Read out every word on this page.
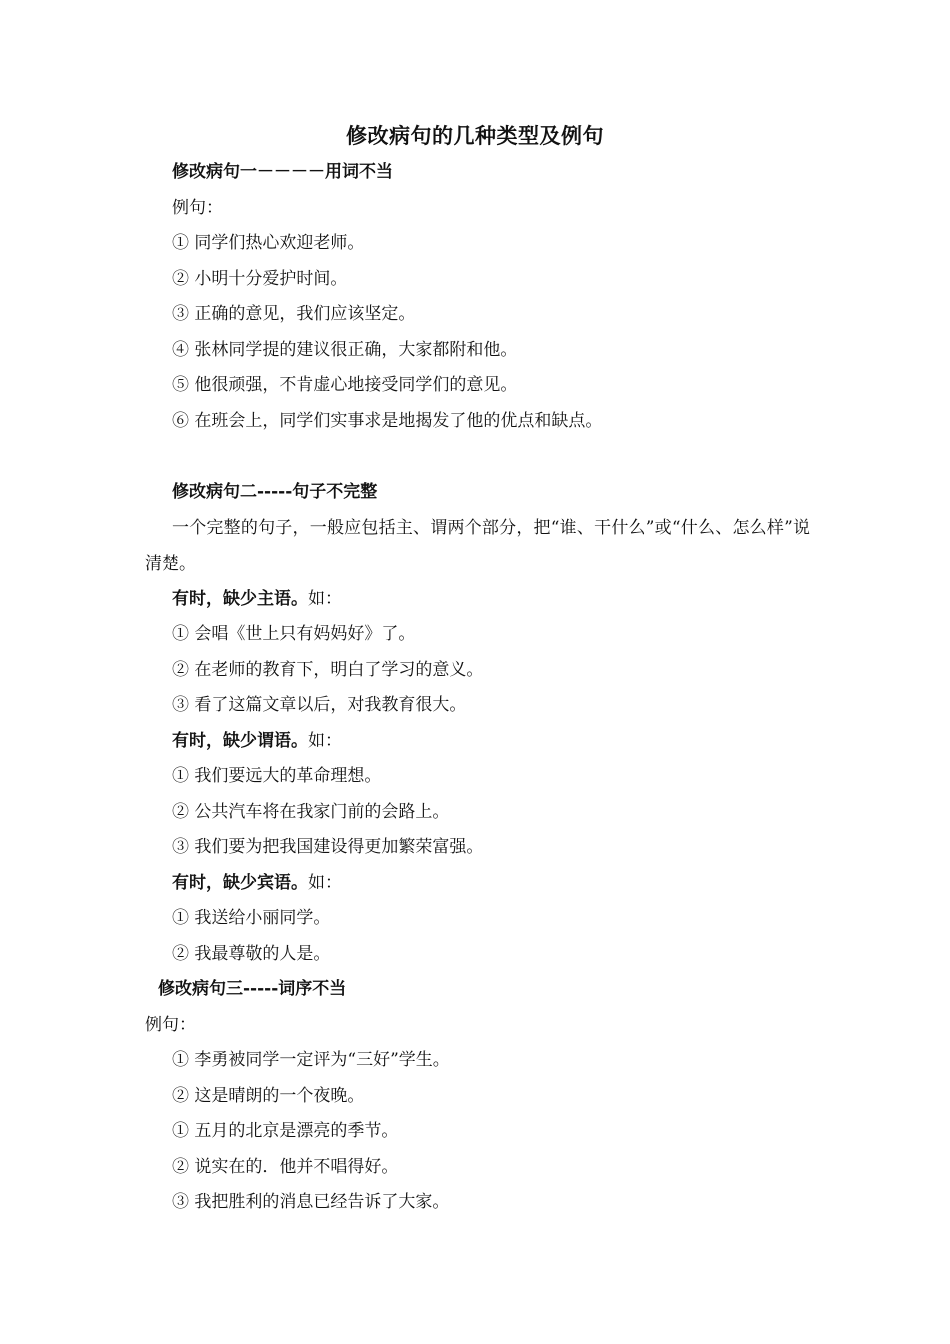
修改病句的几种类型及例句
修改病句一－－－－用词不当
例句：
① 同学们热心欢迎老师。
② 小明十分爱护时间。
③ 正确的意见，我们应该坚定。
④ 张林同学提的建议很正确，大家都附和他。
⑤ 他很顽强，不肯虚心地接受同学们的意见。
⑥ 在班会上，同学们实事求是地揭发了他的优点和缺点。
修改病句二-----句子不完整
一个完整的句子，一般应包括主、谓两个部分，把“谁、干什么”或“什么、怎么样”说清楚。
有时，缺少主语。如：
① 会唱《世上只有妈妈好》了。
② 在老师的教育下，明白了学习的意义。
③ 看了这篇文章以后，对我教育很大。
有时，缺少谓语。如：
① 我们要远大的革命理想。
② 公共汽车将在我家门前的会路上。
③ 我们要为把我国建设得更加繁荣富强。
有时，缺少宾语。如：
① 我送给小丽同学。
② 我最尊敬的人是。
修改病句三-----词序不当
例句：
① 李勇被同学一定评为“三好”学生。
② 这是晴朗的一个夜晚。
① 五月的北京是漂亮的季节。
② 说实在的．他并不唱得好。
③ 我把胜利的消息已经告诉了大家。
